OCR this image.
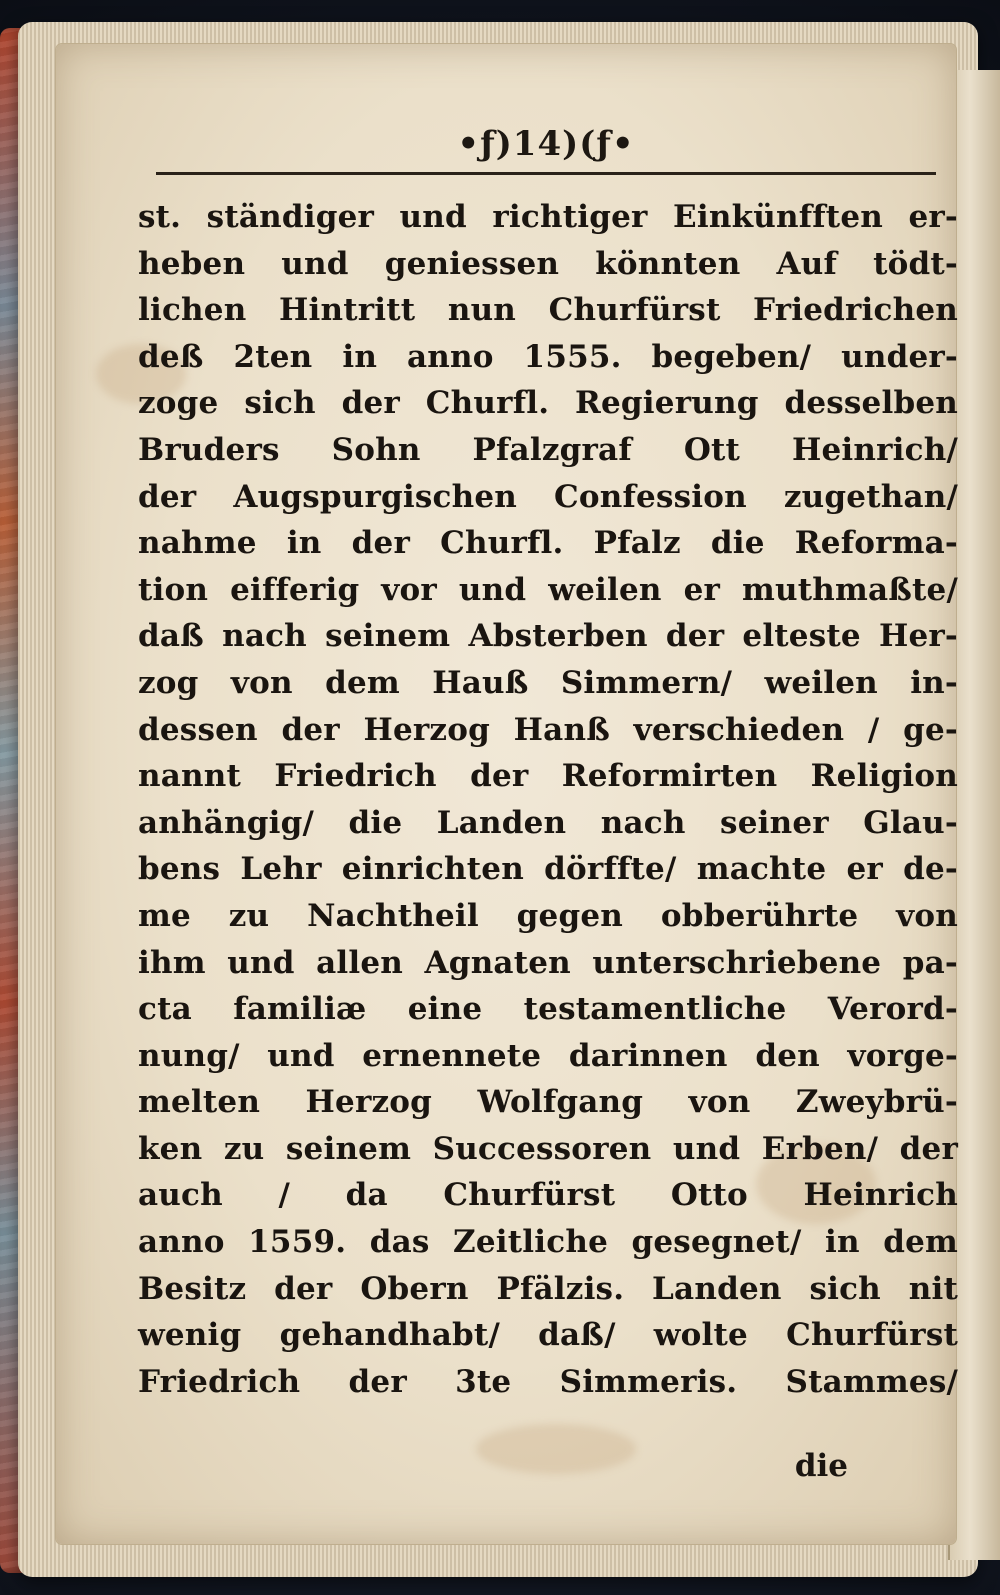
•ƒ)14)(ƒ•
st. ständiger und richtiger Einkünfften er-
heben und geniessen könnten Auf tödt-
lichen Hintritt nun Churfürst Friedrichen
deß 2ten in anno 1555. begeben/ under-
zoge sich der Churfl. Regierung desselben
Bruders Sohn Pfalzgraf Ott Heinrich/
der Augspurgischen Confession zugethan/
nahme in der Churfl. Pfalz die Reforma-
tion eifferig vor und weilen er muthmaßte/
daß nach seinem Absterben der elteste Her-
zog von dem Hauß Simmern/ weilen in-
dessen der Herzog Hanß verschieden / ge-
nannt Friedrich der Reformirten Religion
anhängig/ die Landen nach seiner Glau-
bens Lehr einrichten dörffte/ machte er de-
me zu Nachtheil gegen obberührte von
ihm und allen Agnaten unterschriebene pa-
cta familiæ eine testamentliche Verord-
nung/ und ernennete darinnen den vorge-
melten Herzog Wolfgang von Zweybrü-
ken zu seinem Successoren und Erben/ der
auch / da Churfürst Otto Heinrich
anno 1559. das Zeitliche gesegnet/ in dem
Besitz der Obern Pfälzis. Landen sich nit
wenig gehandhabt/ daß/ wolte Churfürst
Friedrich der 3te Simmeris. Stammes/
die
